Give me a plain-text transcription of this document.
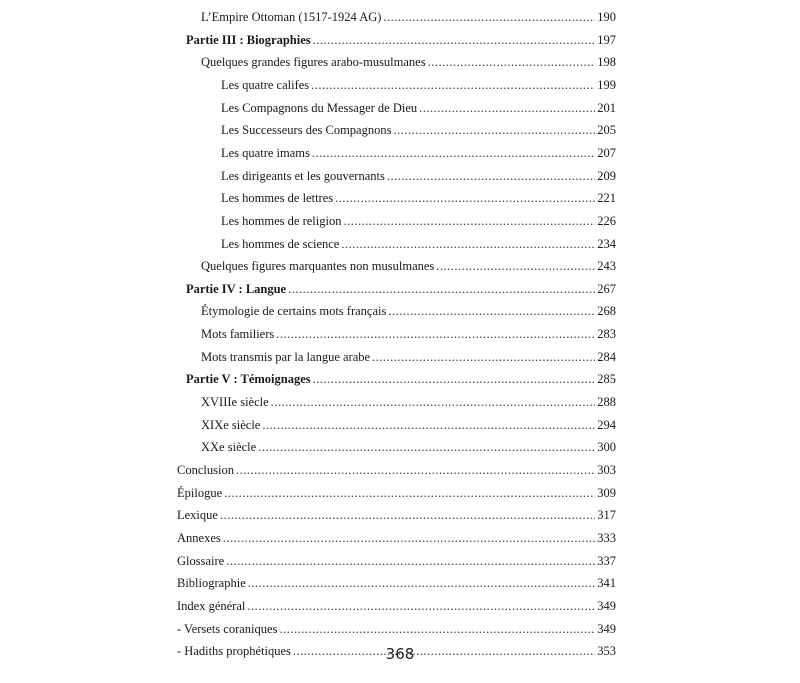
L’Empire Ottoman (1517-1924 AG) .....	190
Partie III : Biographies .....	197
Quelques grandes figures arabo-musulmanes .....	198
Les quatre califes .....	199
Les Compagnons du Messager de Dieu .....	201
Les Successeurs des Compagnons .....	205
Les quatre imams .....	207
Les dirigeants et les gouvernants .....	209
Les hommes de lettres .....	221
Les hommes de religion .....	226
Les hommes de science .....	234
Quelques figures marquantes non musulmanes .....	243
Partie IV : Langue .....	267
Étymologie de certains mots français .....	268
Mots familiers .....	283
Mots transmis par la langue arabe .....	284
Partie V : Témoignages .....	285
XVIIIe siècle .....	288
XIXe siècle .....	294
XXe siècle .....	300
Conclusion .....	303
Épilogue .....	309
Lexique .....	317
Annexes .....	333
Glossaire .....	337
Bibliographie .....	341
Index général .....	349
- Versets coraniques .....	349
- Hadiths prophétiques .....	353
368
